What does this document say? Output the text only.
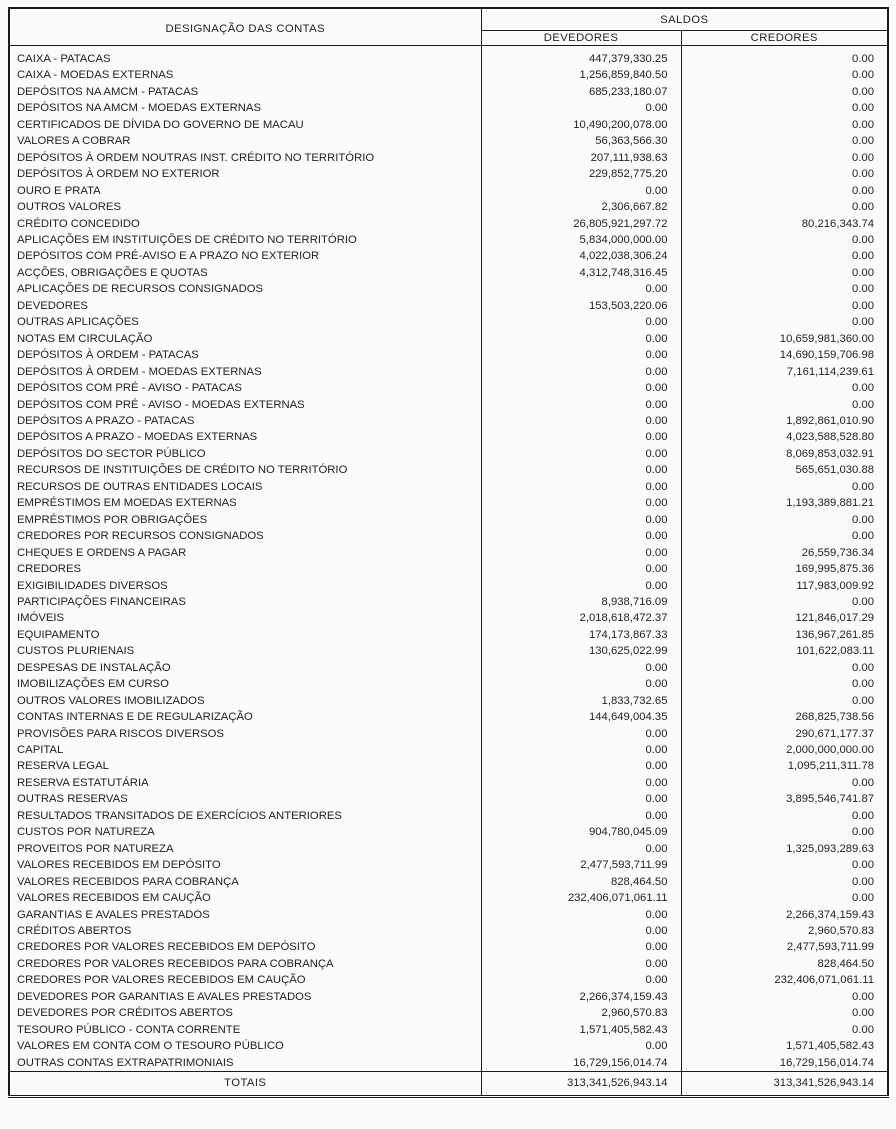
DESIGNAÇÃO DAS CONTAS	SALDOS	
	DEVEDORES	CREDORES
CAIXA - PATACAS	447,379,330.25	0.00
CAIXA - MOEDAS EXTERNAS	1,256,859,840.50	0.00
DEPÓSITOS NA AMCM - PATACAS	685,233,180.07	0.00
DEPÓSITOS NA AMCM - MOEDAS EXTERNAS	0.00	0.00
CERTIFICADOS DE DÍVIDA DO GOVERNO DE MACAU	10,490,200,078.00	0.00
VALORES A COBRAR	56,363,566.30	0.00
DEPÓSITOS À ORDEM NOUTRAS INST. CRÉDITO NO TERRITÓRIO	207,111,938.63	0.00
DEPÓSITOS À ORDEM NO EXTERIOR	229,852,775.20	0.00
OURO E PRATA	0.00	0.00
OUTROS VALORES	2,306,667.82	0.00
CRÉDITO CONCEDIDO	26,805,921,297.72	80,216,343.74
APLICAÇÕES EM INSTITUIÇÕES DE CRÉDITO NO TERRITÓRIO	5,834,000,000.00	0.00
DEPÓSITOS COM PRÉ-AVISO E A PRAZO NO EXTERIOR	4,022,038,306.24	0.00
ACÇÕES, OBRIGAÇÕES E QUOTAS	4,312,748,316.45	0.00
APLICAÇÕES DE RECURSOS CONSIGNADOS	0.00	0.00
DEVEDORES	153,503,220.06	0.00
OUTRAS APLICAÇÕES	0.00	0.00
NOTAS EM CIRCULAÇÃO	0.00	10,659,981,360.00
DEPÓSITOS À ORDEM - PATACAS	0.00	14,690,159,706.98
DEPÓSITOS À ORDEM - MOEDAS EXTERNAS	0.00	7,161,114,239.61
DEPÓSITOS COM PRÉ - AVISO - PATACAS	0.00	0.00
DEPÓSITOS COM PRÉ - AVISO - MOEDAS EXTERNAS	0.00	0.00
DEPÓSITOS A PRAZO - PATACAS	0.00	1,892,861,010.90
DEPÓSITOS A PRAZO - MOEDAS EXTERNAS	0.00	4,023,588,528.80
DEPÓSITOS DO SECTOR PÚBLICO	0.00	8,069,853,032.91
RECURSOS DE INSTITUIÇÕES DE CRÉDITO NO TERRITÓRIO	0.00	565,651,030.88
RECURSOS DE OUTRAS ENTIDADES LOCAIS	0.00	0.00
EMPRÉSTIMOS EM MOEDAS EXTERNAS	0.00	1,193,389,881.21
EMPRÉSTIMOS POR OBRIGAÇÕES	0.00	0.00
CREDORES POR RECURSOS CONSIGNADOS	0.00	0.00
CHEQUES E ORDENS A PAGAR	0.00	26,559,736.34
CREDORES	0.00	169,995,875.36
EXIGIBILIDADES DIVERSOS	0.00	117,983,009.92
PARTICIPAÇÕES FINANCEIRAS	8,938,716.09	0.00
IMÓVEIS	2,018,618,472.37	121,846,017.29
EQUIPAMENTO	174,173,867.33	136,967,261.85
CUSTOS PLURIENAIS	130,625,022.99	101,622,083.11
DESPESAS DE INSTALAÇÃO	0.00	0.00
IMOBILIZAÇÕES EM CURSO	0.00	0.00
OUTROS VALORES IMOBILIZADOS	1,833,732.65	0.00
CONTAS INTERNAS E DE REGULARIZAÇÃO	144,649,004.35	268,825,738.56
PROVISÕES PARA RISCOS DIVERSOS	0.00	290,671,177.37
CAPITAL	0.00	2,000,000,000.00
RESERVA LEGAL	0.00	1,095,211,311.78
RESERVA ESTATUTÁRIA	0.00	0.00
OUTRAS RESERVAS	0.00	3,895,546,741.87
RESULTADOS TRANSITADOS DE EXERCÍCIOS ANTERIORES	0.00	0.00
CUSTOS POR NATUREZA	904,780,045.09	0.00
PROVEITOS POR NATUREZA	0.00	1,325,093,289.63
VALORES RECEBIDOS EM DEPÓSITO	2,477,593,711.99	0.00
VALORES RECEBIDOS PARA COBRANÇA	828,464.50	0.00
VALORES RECEBIDOS EM CAUÇÃO	232,406,071,061.11	0.00
GARANTIAS E AVALES PRESTADOS	0.00	2,266,374,159.43
CRÉDITOS ABERTOS	0.00	2,960,570.83
CREDORES POR VALORES RECEBIDOS EM DEPÓSITO	0.00	2,477,593,711.99
CREDORES POR VALORES RECEBIDOS PARA COBRANÇA	0.00	828,464.50
CREDORES POR VALORES RECEBIDOS EM CAUÇÃO	0.00	232,406,071,061.11
DEVEDORES POR GARANTIAS E AVALES PRESTADOS	2,266,374,159.43	0.00
DEVEDORES POR CRÉDITOS ABERTOS	2,960,570.83	0.00
TESOURO PÚBLICO - CONTA CORRENTE	1,571,405,582.43	0.00
VALORES EM CONTA COM O TESOURO PÚBLICO	0.00	1,571,405,582.43
OUTRAS CONTAS EXTRAPATRIMONIAIS	16,729,156,014.74	16,729,156,014.74
TOTAIS	313,341,526,943.14	313,341,526,943.14
